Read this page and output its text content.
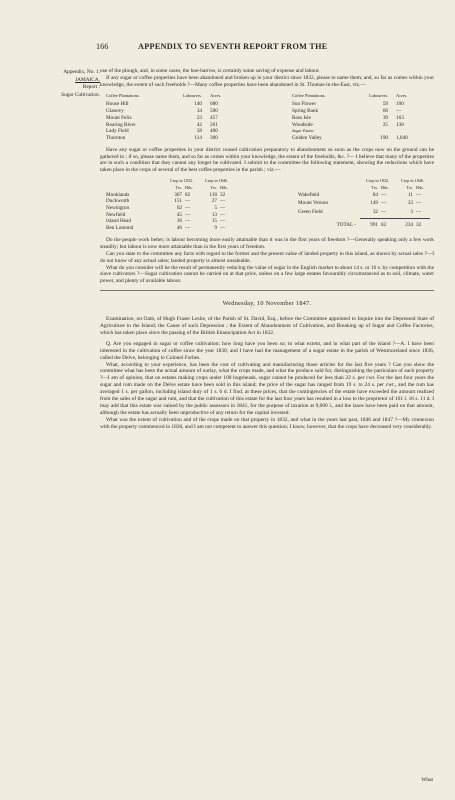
166	APPENDIX TO SEVENTH REPORT FROM THE
Appendix, No. 1.
JAMAICA.
Report :
Sugar Cultivation.

use of the plough, and, in some cases, the hoe-harrow, is certainly some saving of expense and labour.

If any sugar or coffee properties have been abandoned and broken up in your district since 1832, please to name them; and, so far as comes within your knowledge, the extent of such freeholds ?—Many coffee properties have been abandoned in St. Thomas-in-the-East, viz.—

Coffee Plantations.	Labourers.	Acres.
House Hill	140	680
Glanovy	34	500
Mount Felix	23	457
Roaring River	42	261
Lady Field	58	400
Thornton	114	300
Coffee Plantations.	Labourers.	Acres.
Sun Flower	59	100
Spring Bank	66	—
Ross Isle	39	163
Woodside	25	138
Sugar Estate.		
Golden Valley	190	1,040

Have any sugar or coffee properties in your district ceased cultivation preparatory to abandonment so soon as the crops now on the ground can be gathered in ; if so, please name them, and so far as comes within your knowledge, the extent of the freeholds, &c. ?— I believe that many of the properties are in such a condition that they cannot any longer be cultivated. I submit to the committee the following statement, showing the reductions which have taken place in the crops of several of the best coffee properties in the parish ; viz.—

	Crop in 1832.		Crop in 1846.	
	Trs.	Hds.	Trs.	Hds.
Monklands	367	82	118	32
Duckworth	151	—	27	—
Newington	62	—	5	—
Newfield	45	—	13	—
Island Head	36	—	15	—
Ben Lomond	46	—	9	—
	Crop in 1832.		Crop in 1846.	
	Trs.	Hds.	Trs.	Hds.
Wakefield	84	—	11	—
Mount Vernon	149	—	33	—
Green Field	32	—	3	—

TOTAL -	991	82	234	32

Do the people work better; is labour becoming more easily attainable than it was in the first years of freedom ?—Generally speaking only a few work steadily; but labour is now more attainable than in the first years of freedom.

Can you state to the committee any facts with regard to the former and the present value of landed property in this island, as shown by actual sales ?—I do not know of any actual sales; landed property is almost unsaleable.

What do you consider will be the result of permanently reducing the value of sugar in the English market to about 14 s. or 16 s. by competition with the slave cultivators ?—Sugar cultivation cannot be carried on at that price, unless on a few large estates favourably circumstanced as to soil, climate, water power, and plenty of available labour.

Wednesday, 10 November 1847.

Examination, on Oath, of Hugh Fraser Leslie, of the Parish of St. David, Esq., before the Committee appointed to Inquire into the Depressed State of Agriculture in the Island; the Cause of such Depression ; the Extent of Abandonment of Cultivation, and Breaking up of Sugar and Coffee Factories, which has taken place since the passing of the British Emancipation Act in 1832.

Q. Are you engaged in sugar or coffee cultivation; how long have you been so; to what extent, and in what part of the island ?—A. I have been interested in the cultivation of coffee since the year 1830, and I have had the management of a sugar estate in the parish of Westmoreland since 1836, called the Delve, belonging to Colonel Forbes.

What, according to your experience, has been the cost of cultivating and manufacturing those articles for the last five years ? Can you show the committee what has been the actual amount of outlay, what the crops made, and what the produce sold for, distinguishing the particulars of each property ?—I am of opinion, that on estates making crops under 100 hogsheads, sugar cannot be produced for less than 22 s. per cwt. For the last four years the sugar and rum made on the Delve estate have been sold in this island; the price of the sugar has ranged from 19 s. to 24 s. per cwt., and the rum has averaged 1 s. per gallon, including island duty of 1 s. 6 d. I find, at these prices, that the contingencies of the estate have exceeded the amount realized from the sales of the sugar and rum, and that the cultivation of this estate for the last four years has resulted in a loss to the proprietor of 161 l. 16 s. 11 d. I may add that this estate was valued by the public assessors in 1841, for the purpose of taxation at 9,000 l., and the taxes have been paid on that amount, although the estate has actually been unproductive of any return for the capital invested.

What was the extent of cultivation and of the crops made on that property in 1832, and what in the years last past, 1846 and 1847 ?—My connexion with the property commenced in 1836, and I am not competent to answer this question; I know, however, that the crops have decreased very considerably.

What
